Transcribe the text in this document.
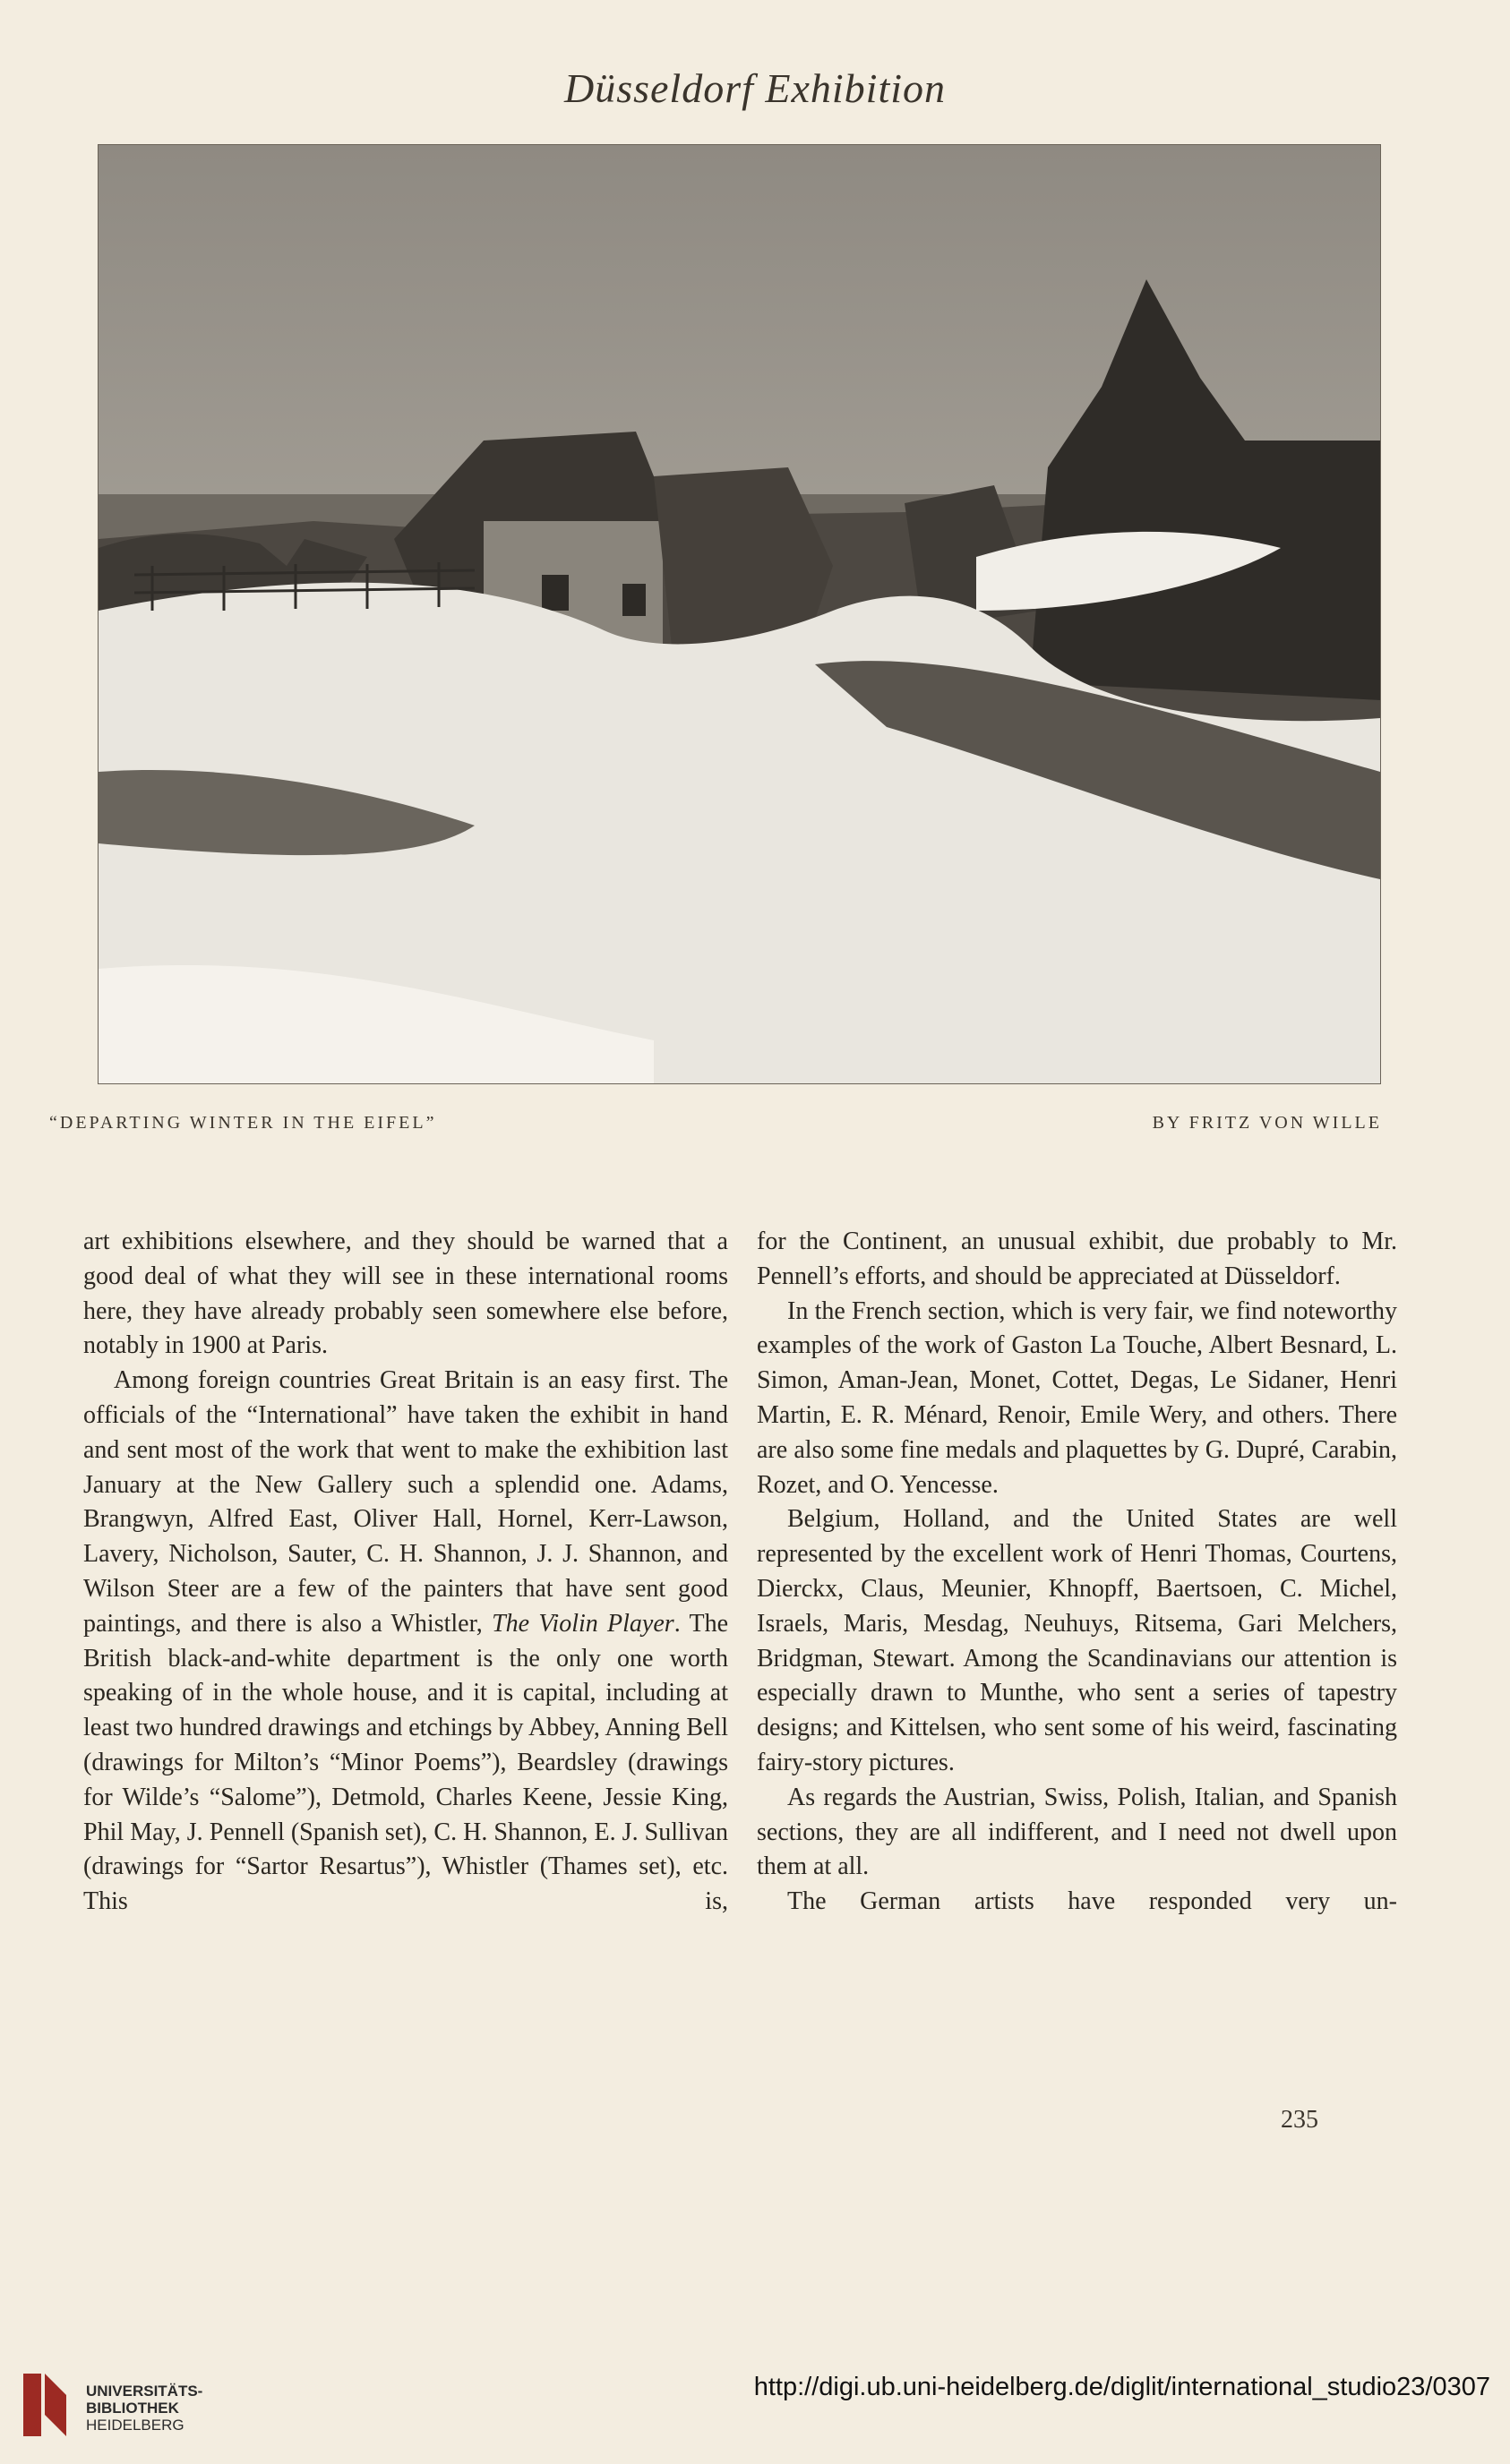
Düsseldorf Exhibition
“DEPARTING WINTER IN THE EIFEL”	BY FRITZ VON WILLE

art exhibitions elsewhere, and they should be warned that a good deal of what they will see in these international rooms here, they have already probably seen somewhere else before, notably in 1900 at Paris.

Among foreign countries Great Britain is an easy first. The officials of the “International” have taken the exhibit in hand and sent most of the work that went to make the exhibition last January at the New Gallery such a splendid one. Adams, Brangwyn, Alfred East, Oliver Hall, Hornel, Kerr-Lawson, Lavery, Nicholson, Sauter, C. H. Shannon, J. J. Shannon, and Wilson Steer are a few of the painters that have sent good paintings, and there is also a Whistler, The Violin Player. The British black-and-white department is the only one worth speaking of in the whole house, and it is capital, including at least two hundred drawings and etchings by Abbey, Anning Bell (drawings for Milton’s “Minor Poems”), Beardsley (drawings for Wilde’s “Salome”), Detmold, Charles Keene, Jessie King, Phil May, J. Pennell (Spanish set), C. H. Shannon, E. J. Sullivan (drawings for “Sartor Resartus”), Whistler (Thames set), etc. This is,

for the Continent, an unusual exhibit, due probably to Mr. Pennell’s efforts, and should be appreciated at Düsseldorf.

In the French section, which is very fair, we find noteworthy examples of the work of Gaston La Touche, Albert Besnard, L. Simon, Aman-Jean, Monet, Cottet, Degas, Le Sidaner, Henri Martin, E. R. Ménard, Renoir, Emile Wery, and others. There are also some fine medals and plaquettes by G. Dupré, Carabin, Rozet, and O. Yencesse.

Belgium, Holland, and the United States are well represented by the excellent work of Henri Thomas, Courtens, Dierckx, Claus, Meunier, Khnopff, Baertsoen, C. Michel, Israels, Maris, Mesdag, Neuhuys, Ritsema, Gari Melchers, Bridgman, Stewart. Among the Scandinavians our attention is especially drawn to Munthe, who sent a series of tapestry designs; and Kittelsen, who sent some of his weird, fascinating fairy-story pictures.

As regards the Austrian, Swiss, Polish, Italian, and Spanish sections, they are all indifferent, and I need not dwell upon them at all.

The German artists have responded very un-

235
UNIVERSITÄTS-
BIBLIOTHEK
HEIDELBERG
http://digi.ub.uni-heidelberg.de/diglit/international_studio23/0307
